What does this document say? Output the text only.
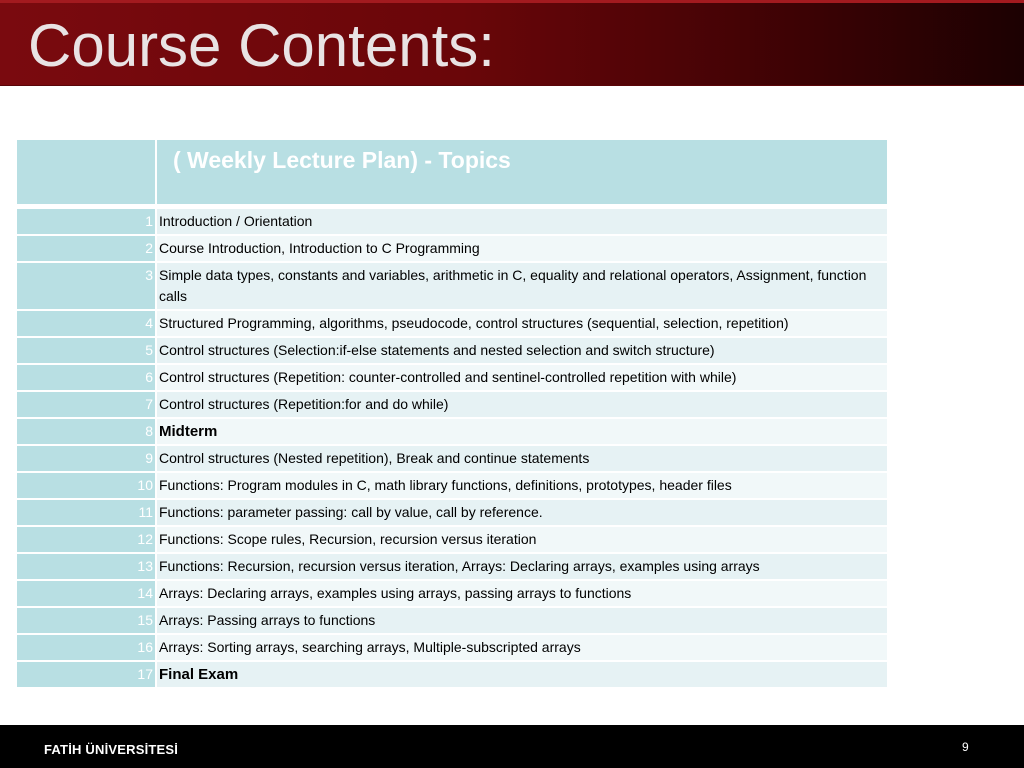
Course Contents:
	( Weekly Lecture Plan) - Topics
1	Introduction / Orientation
2	Course Introduction, Introduction to C Programming
3	Simple data types, constants and variables, arithmetic in C, equality and relational operators, Assignment, function calls
4	Structured Programming, algorithms, pseudocode, control structures (sequential, selection, repetition)
5	Control structures (Selection:if-else statements and nested selection and switch structure)
6	Control structures (Repetition: counter-controlled and sentinel-controlled repetition with while)
7	Control structures (Repetition:for and do while)
8	Midterm
9	Control structures (Nested repetition), Break and continue statements
10	Functions: Program modules in C, math library functions, definitions, prototypes, header files
11	Functions: parameter passing: call by value, call by reference.
12	Functions: Scope rules, Recursion, recursion versus iteration
13	Functions: Recursion, recursion versus iteration, Arrays: Declaring arrays, examples using arrays
14	Arrays: Declaring arrays, examples using arrays, passing arrays to functions
15	Arrays: Passing arrays to functions
16	Arrays: Sorting arrays, searching arrays, Multiple-subscripted arrays
17	Final Exam
FATİH ÜNİVERSİTESİ	9
